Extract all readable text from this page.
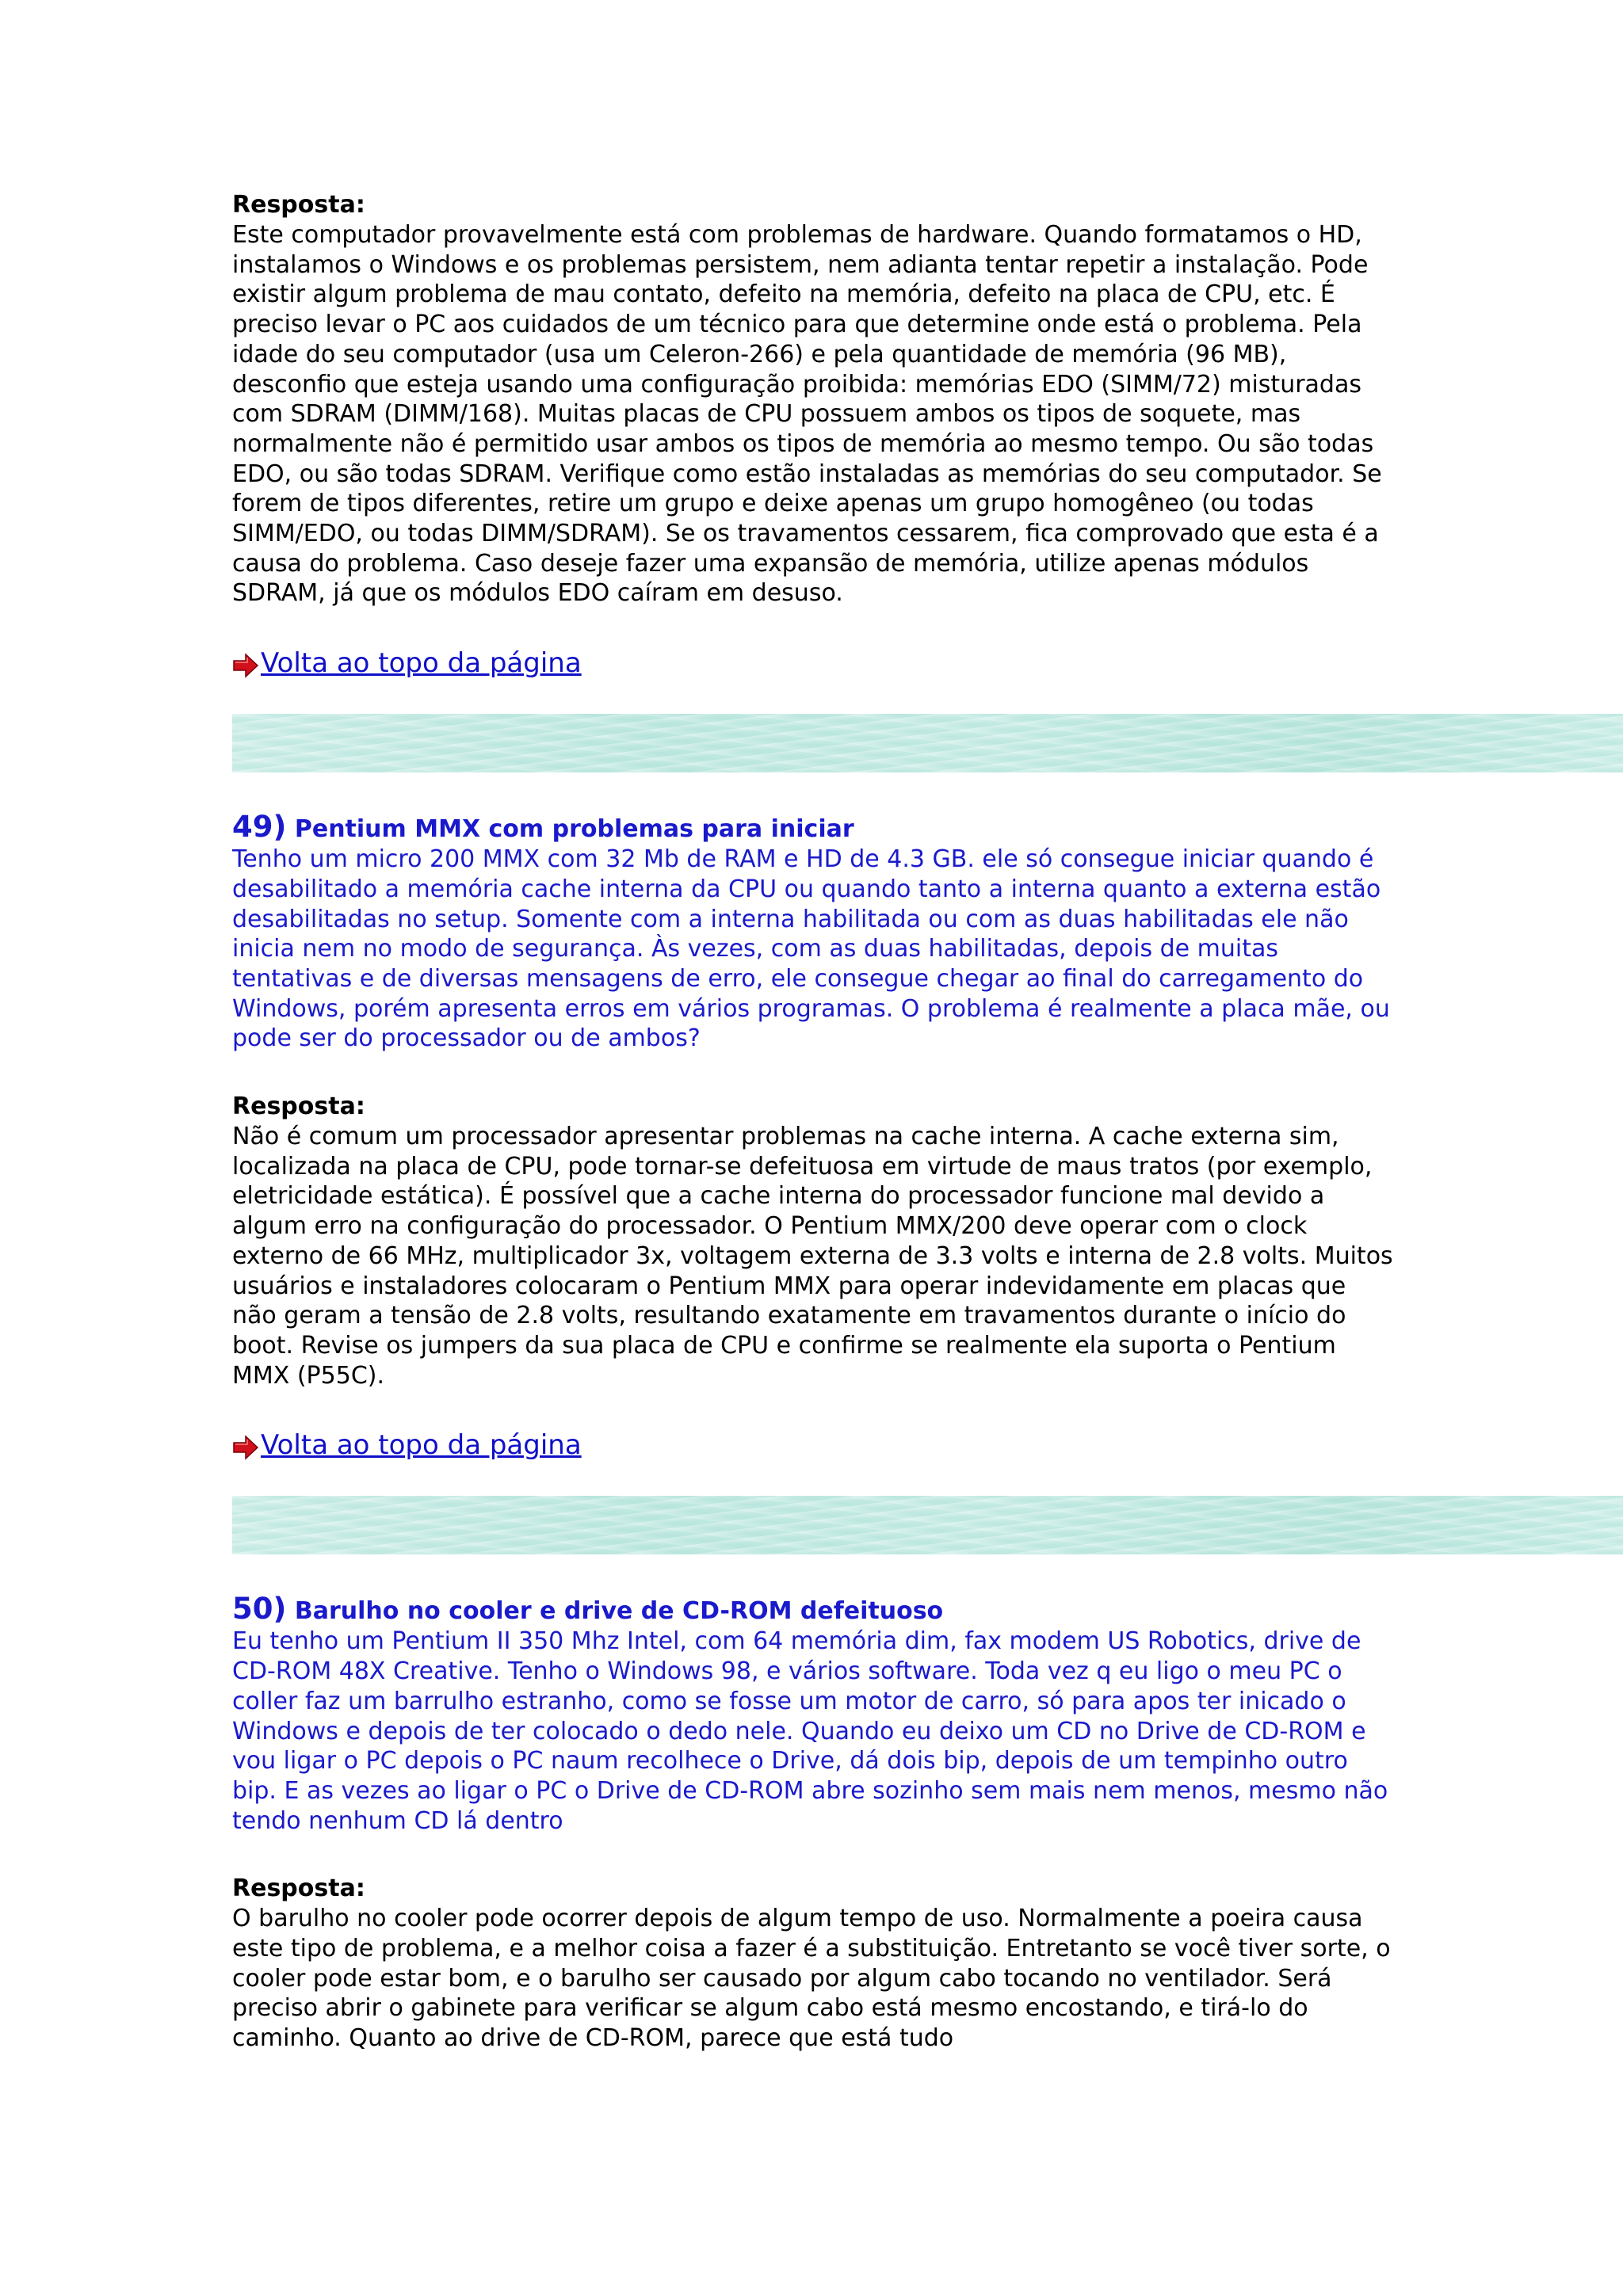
Resposta:

Este computador provavelmente está com problemas de hardware. Quando formatamos o HD, instalamos o Windows e os problemas persistem, nem adianta tentar repetir a instalação. Pode existir algum problema de mau contato, defeito na memória, defeito na placa de CPU, etc. É preciso levar o PC aos cuidados de um técnico para que determine onde está o problema. Pela idade do seu computador (usa um Celeron-266) e pela quantidade de memória (96 MB), desconfio que esteja usando uma configuração proibida: memórias EDO (SIMM/72) misturadas com SDRAM (DIMM/168). Muitas placas de CPU possuem ambos os tipos de soquete, mas normalmente não é permitido usar ambos os tipos de memória ao mesmo tempo. Ou são todas EDO, ou são todas SDRAM. Verifique como estão instaladas as memórias do seu computador. Se forem de tipos diferentes, retire um grupo e deixe apenas um grupo homogêneo (ou todas SIMM/EDO, ou todas DIMM/SDRAM). Se os travamentos cessarem, fica comprovado que esta é a causa do problema. Caso deseje fazer uma expansão de memória, utilize apenas módulos SDRAM, já que os módulos EDO caíram em desuso.

Volta ao topo da página

49) Pentium MMX com problemas para iniciar

Tenho um micro 200 MMX com 32 Mb de RAM e HD de 4.3 GB. ele só consegue iniciar quando é desabilitado a memória cache interna da CPU ou quando tanto a interna quanto a externa estão desabilitadas no setup. Somente com a interna habilitada ou com as duas habilitadas ele não inicia nem no modo de segurança. Às vezes, com as duas habilitadas, depois de muitas tentativas e de diversas mensagens de erro, ele consegue chegar ao final do carregamento do Windows, porém apresenta erros em vários programas. O problema é realmente a placa mãe, ou pode ser do processador ou de ambos?

Resposta:

Não é comum um processador apresentar problemas na cache interna. A cache externa sim, localizada na placa de CPU, pode tornar-se defeituosa em virtude de maus tratos (por exemplo, eletricidade estática). É possível que a cache interna do processador funcione mal devido a algum erro na configuração do processador. O Pentium MMX/200 deve operar com o clock externo de 66 MHz, multiplicador 3x, voltagem externa de 3.3 volts e interna de 2.8 volts. Muitos usuários e instaladores colocaram o Pentium MMX para operar indevidamente em placas que não geram a tensão de 2.8 volts, resultando exatamente em travamentos durante o início do boot. Revise os jumpers da sua placa de CPU e confirme se realmente ela suporta o Pentium MMX (P55C).

Volta ao topo da página

50) Barulho no cooler e drive de CD-ROM defeituoso

Eu tenho um Pentium II 350 Mhz Intel, com 64 memória dim, fax modem US Robotics, drive de CD-ROM 48X Creative. Tenho o Windows 98, e vários software. Toda vez q eu ligo o meu PC o coller faz um barrulho estranho, como se fosse um motor de carro, só para apos ter inicado o Windows e depois de ter colocado o dedo nele. Quando eu deixo um CD no Drive de CD-ROM e vou ligar o PC depois o PC naum recolhece o Drive, dá dois bip, depois de um tempinho outro bip. E as vezes ao ligar o PC o Drive de CD-ROM abre sozinho sem mais nem menos, mesmo não tendo nenhum CD lá dentro

Resposta:

O barulho no cooler pode ocorrer depois de algum tempo de uso. Normalmente a poeira causa este tipo de problema, e a melhor coisa a fazer é a substituição. Entretanto se você tiver sorte, o cooler pode estar bom, e o barulho ser causado por algum cabo tocando no ventilador. Será preciso abrir o gabinete para verificar se algum cabo está mesmo encostando, e tirá-lo do caminho. Quanto ao drive de CD-ROM, parece que está tudo
